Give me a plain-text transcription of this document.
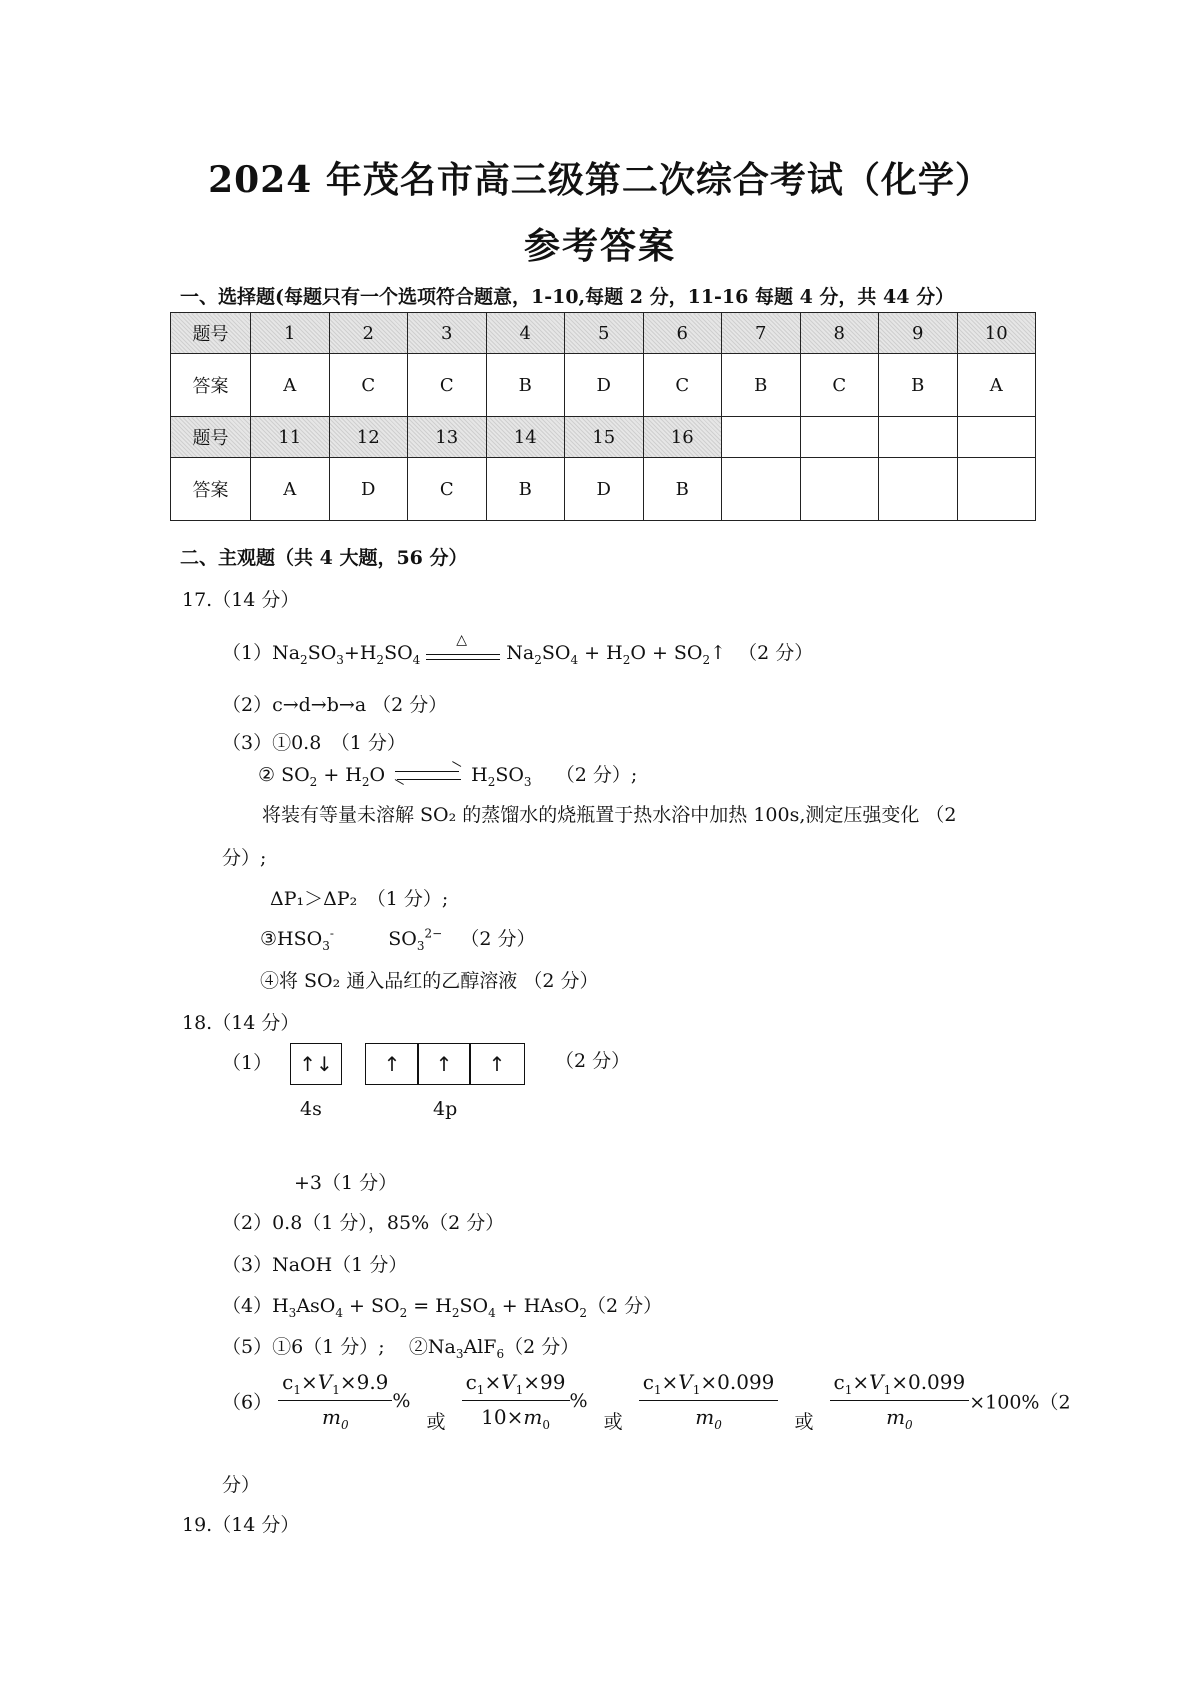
2024 年茂名市高三级第二次综合考试（化学）
参考答案
一、选择题(每题只有一个选项符合题意，1-10,每题 2 分，11-16 每题 4 分，共 44 分）
题号	1	2	3	4	5	6	7	8	9	10
答案	A	C	C	B	D	C	B	C	B	A
题号	11	12	13	14	15	16				
答案	A	D	C	B	D	B				
二、主观题（共 4 大题，56 分）
17.（14 分）
$(1)Na_2SO_3+H_2SO_4$
△
$Na_2SO_4 + H_2O$ + $SO_2↑$ （2 分）
（2）c→d→b→a （2 分）
（3）①0.8　（1 分）
② $SO_2 + H_2O$	$H_2SO_3$ （2 分）;
将装有等量未溶解 SO₂ 的蒸馏水的烧瓶置于热水浴中加热 100s,测定压强变化 （2
分）;
ΔP₁＞ΔP₂　（1 分）;
$③HSO_3^-$	$SO_3^{2-}$ （2 分）
④将 SO₂ 通入品红的乙醇溶液 （2 分）
18.（14 分）
（1）	↑↓	↑	↑	↑	（2 分）
4s	4p
+3（1 分）
（2）0.8（1 分），85%（2 分）
（3）NaOH（1 分）
$(4)H_3AsO_4 + SO_2 = H_2SO_4$ + HAsO$_2$（2 分）
（5）①6（1 分）; $②Na_3AlF_6(2$ 分）
$(6) \frac{c_1\times V_1\times 9.9}{m_0}$ % 或 $\frac{c_1\times V_1\times 99}{10\times m_0}$ % 或 $\frac{c_1\times V_1\times 0.099}{m_0}$ 或 $\frac{c_1\times V_1\times 0.099}{m_0} \times 100\%(2$
分）
19.（14 分）
